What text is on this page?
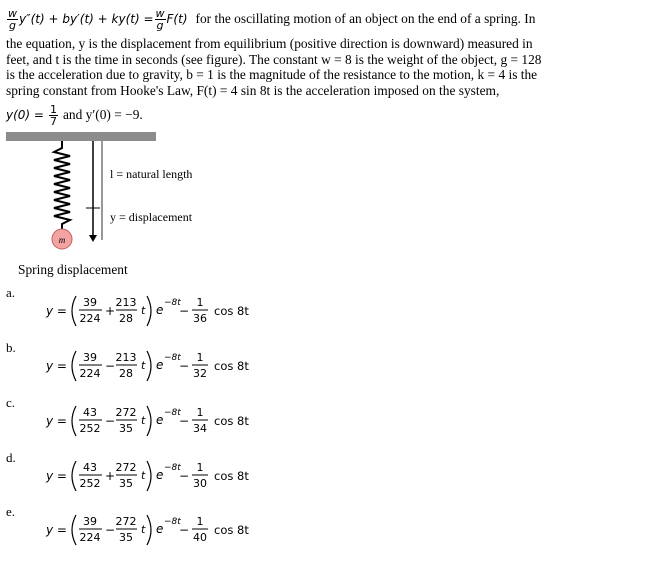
$\frac{w}{g} y''(t) + by'(t) + ky(t) = \frac{w}{g} F(t)$ for the oscillating motion of an object on the end of a spring. In
the equation, y is the displacement from equilibrium (positive direction is downward) measured in
feet, and t is the time in seconds (see figure). The constant w = 8 is the weight of the object, g = 128
is the acceleration due to gravity, b = 1 is the magnitude of the resistance to the motion, k = 4 is the
spring constant from Hooke's Law, F(t) = 4 sin 8t is the acceleration imposed on the system,
$y(0) = \frac{1}{7}$ and y′(0) = −9.
m
l = natural length
y = displacement
Spring displacement
a.
y =
39
224
+
213
28
t e −8t
−
1
36
cos 8t
b.
y =
39
224
−
213
28
t e −8t
−
1
32
cos 8t
c.
y =
43
252
−
272
35
t e −8t
−
1
34
cos 8t
d.
y =
43
252
+
272
35
t e −8t
−
1
30
cos 8t
e.
y =
39
224
−
272
35
t e −8t
−
1
40
cos 8t
